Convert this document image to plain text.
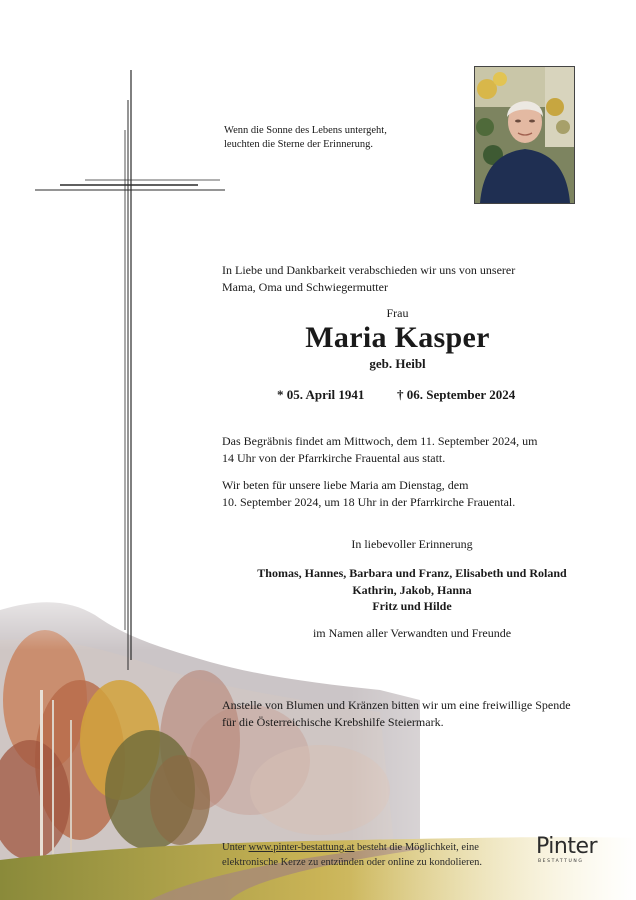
Wenn die Sonne des Lebens untergeht,
leuchten die Sterne der Erinnerung.
In Liebe und Dankbarkeit verabschieden wir uns von unserer
Mama, Oma und Schwiegermutter
Frau
Maria Kasper
geb. Heibl
* 05. April 1941	† 06. September 2024
Das Begräbnis findet am Mittwoch, dem 11. September 2024, um
14 Uhr von der Pfarrkirche Frauental aus statt.
Wir beten für unsere liebe Maria am Dienstag, dem
10. September 2024, um 18 Uhr in der Pfarrkirche Frauental.
In liebevoller Erinnerung
Thomas, Hannes, Barbara und Franz, Elisabeth und Roland
Kathrin, Jakob, Hanna
Fritz und Hilde
im Namen aller Verwandten und Freunde
Anstelle von Blumen und Kränzen bitten wir um eine freiwillige Spende
für die Österreichische Krebshilfe Steiermark.
Unter www.pinter-bestattung.at besteht die Möglichkeit, eine
elektronische Kerze zu entzünden oder online zu kondolieren.
Pinter
BESTATTUNG
